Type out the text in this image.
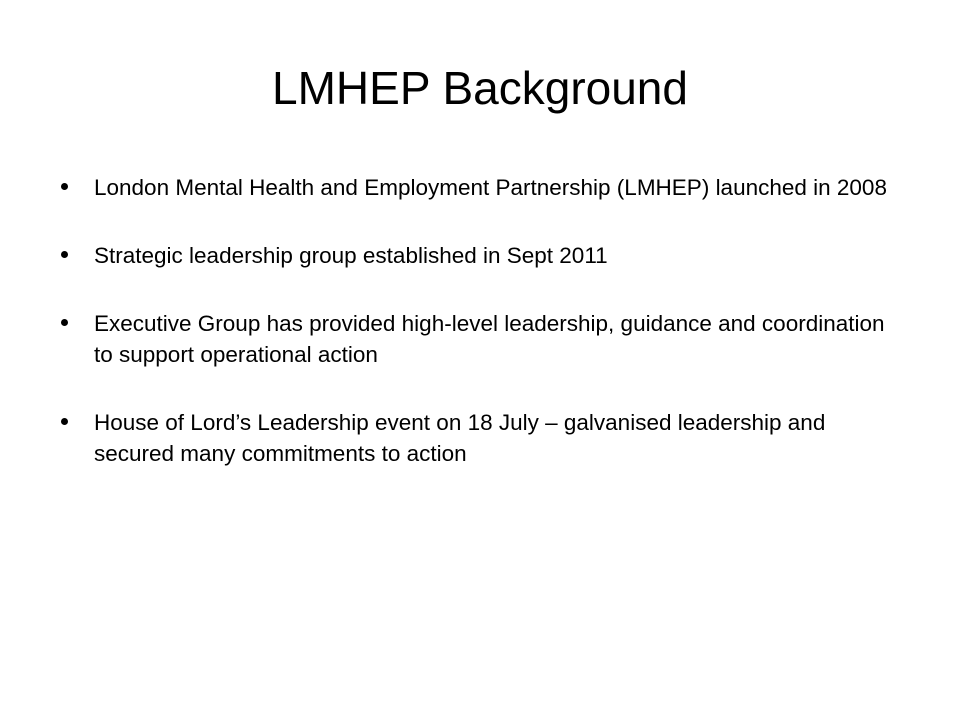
LMHEP Background
London Mental Health and Employment Partnership (LMHEP) launched in 2008
Strategic leadership group established in Sept 2011
Executive Group has provided high-level leadership, guidance and coordination to support operational action
House of Lord’s Leadership event on 18 July – galvanised leadership and secured many commitments to action
